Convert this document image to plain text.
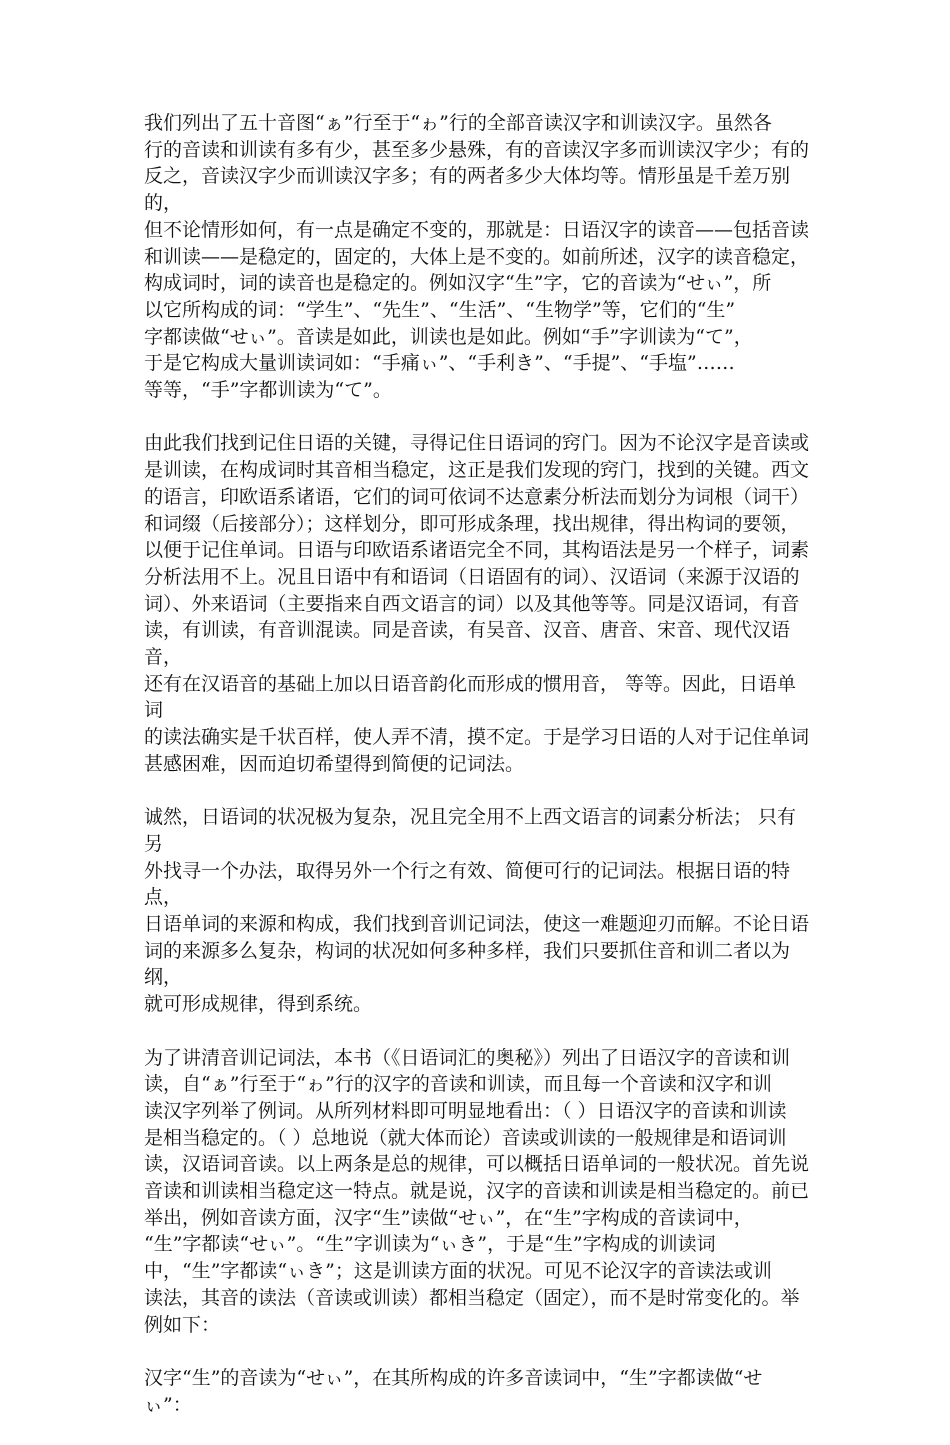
我们列出了五十音图“ぁ”行至于“ゎ”行的全部音读汉字和训读汉字。虽然各
行的音读和训读有多有少，甚至多少悬殊，有的音读汉字多而训读汉字少；有的
反之，音读汉字少而训读汉字多；有的两者多少大体均等。情形虽是千差万别的，
但不论情形如何，有一点是确定不变的，那就是：日语汉字的读音——包括音读
和训读——是稳定的，固定的，大体上是不变的。如前所述，汉字的读音稳定，
构成词时，词的读音也是稳定的。例如汉字“生”字，它的音读为“せぃ”，所
以它所构成的词：“学生”、“先生”、“生活”、“生物学”等，它们的“生”
字都读做“せぃ”。音读是如此，训读也是如此。例如“手”字训读为“て”，
于是它构成大量训读词如：“手痛ぃ”、“手利き”、“手提”、“手塩”……
等等，“手”字都训读为“て”。

由此我们找到记住日语的关键，寻得记住日语词的窍门。因为不论汉字是音读或
是训读，在构成词时其音相当稳定，这正是我们发现的窍门，找到的关键。西文
的语言，印欧语系诸语，它们的词可依词不达意素分析法而划分为词根（词干）
和词缀（后接部分）；这样划分，即可形成条理，找出规律，得出构词的要领，
以便于记住单词。日语与印欧语系诸语完全不同，其构语法是另一个样子，词素
分析法用不上。况且日语中有和语词（日语固有的词）、汉语词（来源于汉语的
词）、外来语词（主要指来自西文语言的词）以及其他等等。同是汉语词，有音
读，有训读，有音训混读。同是音读，有吴音、汉音、唐音、宋音、现代汉语音，
还有在汉语音的基础上加以日语音韵化而形成的惯用音， 等等。因此，日语单词
的读法确实是千状百样，使人弄不清，摸不定。于是学习日语的人对于记住单词
甚感困难，因而迫切希望得到简便的记词法。

诚然，日语词的状况极为复杂，况且完全用不上西文语言的词素分析法； 只有另
外找寻一个办法，取得另外一个行之有效、简便可行的记词法。根据日语的特点，
日语单词的来源和构成，我们找到音训记词法，使这一难题迎刃而解。不论日语
词的来源多么复杂，构词的状况如何多种多样，我们只要抓住音和训二者以为纲，
就可形成规律，得到系统。

为了讲清音训记词法，本书（《日语词汇的奥秘》）列出了日语汉字的音读和训
读，自“ぁ”行至于“ゎ”行的汉字的音读和训读，而且每一个音读和汉字和训
读汉字列举了例词。从所列材料即可明显地看出：（ ）日语汉字的音读和训读
是相当稳定的。（ ）总地说（就大体而论）音读或训读的一般规律是和语词训
读，汉语词音读。以上两条是总的规律，可以概括日语单词的一般状况。首先说
音读和训读相当稳定这一特点。就是说，汉字的音读和训读是相当稳定的。前已
举出，例如音读方面，汉字“生”读做“せぃ”，在“生”字构成的音读词中，
“生”字都读“せぃ”。“生”字训读为“ぃき”，于是“生”字构成的训读词
中，“生”字都读“ぃき”；这是训读方面的状况。可见不论汉字的音读法或训
读法，其音的读法（音读或训读）都相当稳定（固定），而不是时常变化的。举
例如下：

汉字“生”的音读为“せぃ”，在其所构成的许多音读词中，“生”字都读做“せ
ぃ”：
